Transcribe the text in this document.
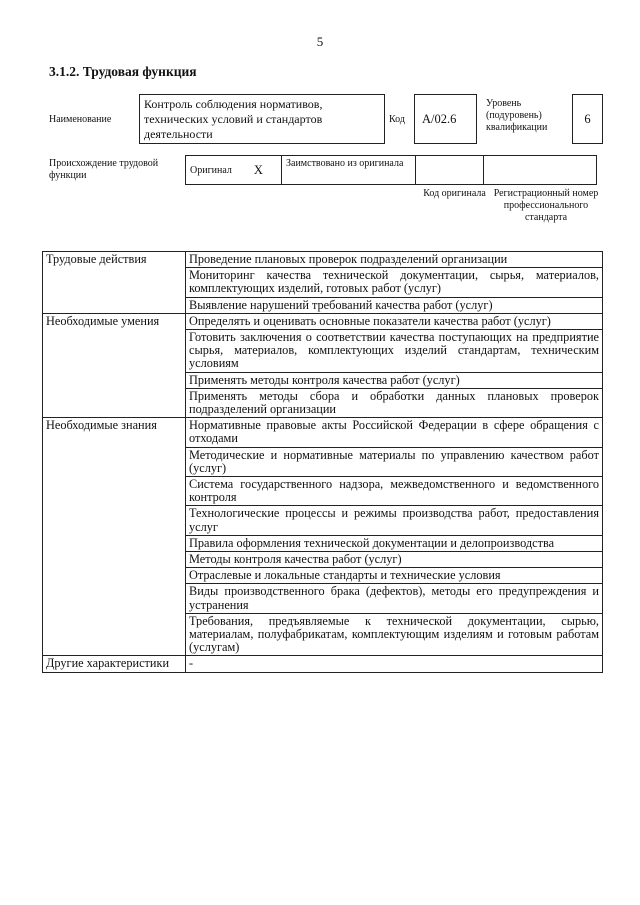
5
3.1.2. Трудовая функция
Наименование
Контроль соблюдения нормативов, технических условий и стандартов деятельности
Код	A/02.6
Уровень (подуровень) квалификации
6
Происхождение трудовой функции	Оригинал X	Заимствовано из оригинала
Код оригинала Регистрационный номер профессионального стандарта
Трудовые действия	Проведение плановых проверок подразделений организации
	Мониторинг качества технической документации, сырья, материалов, комплектующих изделий, готовых работ (услуг)
	Выявление нарушений требований качества работ (услуг)
Необходимые умения	Определять и оценивать основные показатели качества работ (услуг)
	Готовить заключения о соответствии качества поступающих на предприятие сырья, материалов, комплектующих изделий стандартам, техническим условиям
	Применять методы контроля качества работ (услуг)
	Применять методы сбора и обработки данных плановых проверок подразделений организации
Необходимые знания	Нормативные правовые акты Российской Федерации в сфере обращения с отходами
	Методические и нормативные материалы по управлению качеством работ (услуг)
	Система государственного надзора, межведомственного и ведомственного контроля
	Технологические процессы и режимы производства работ, предоставления услуг
	Правила оформления технической документации и делопроизводства
	Методы контроля качества работ (услуг)
	Отраслевые и локальные стандарты и технические условия
	Виды производственного брака (дефектов), методы его предупреждения и устранения
	Требования, предъявляемые к технической документации, сырью, материалам, полуфабрикатам, комплектующим изделиям и готовым работам (услугам)
Другие характеристики	-
